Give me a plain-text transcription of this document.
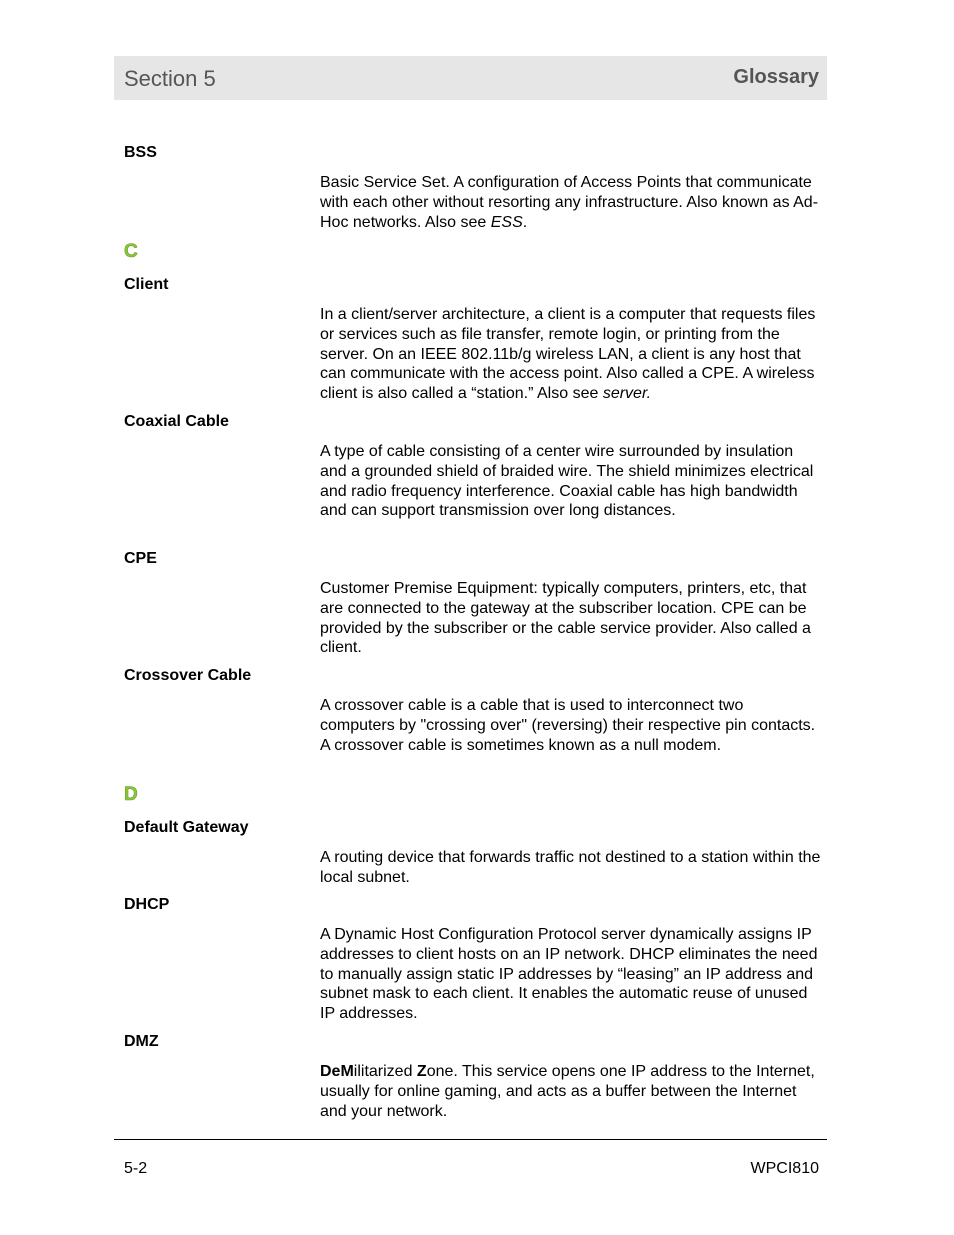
Section 5	Glossary
BSS
Basic Service Set. A configuration of Access Points that communicate with each other without resorting any infrastructure. Also known as Ad-Hoc networks. Also see ESS.
C
Client
In a client/server architecture, a client is a computer that requests files or services such as file transfer, remote login, or printing from the server. On an IEEE 802.11b/g wireless LAN, a client is any host that can communicate with the access point. Also called a CPE. A wireless client is also called a “station.” Also see server.
Coaxial Cable
A type of cable consisting of a center wire surrounded by insulation and a grounded shield of braided wire. The shield minimizes electrical and radio frequency interference. Coaxial cable has high bandwidth and can support transmission over long distances.
CPE
Customer Premise Equipment: typically computers, printers, etc, that are connected to the gateway at the subscriber location. CPE can be provided by the subscriber or the cable service provider. Also called a client.
Crossover Cable
A crossover cable is a cable that is used to interconnect two computers by "crossing over" (reversing) their respective pin contacts. A crossover cable is sometimes known as a null modem.
D
Default Gateway
A routing device that forwards traffic not destined to a station within the local subnet.
DHCP
A Dynamic Host Configuration Protocol server dynamically assigns IP addresses to client hosts on an IP network. DHCP eliminates the need to manually assign static IP addresses by “leasing” an IP address and subnet mask to each client. It enables the automatic reuse of unused IP addresses.
DMZ
DeMilitarized Zone. This service opens one IP address to the Internet, usually for online gaming, and acts as a buffer between the Internet and your network.
5-2	WPCI810
